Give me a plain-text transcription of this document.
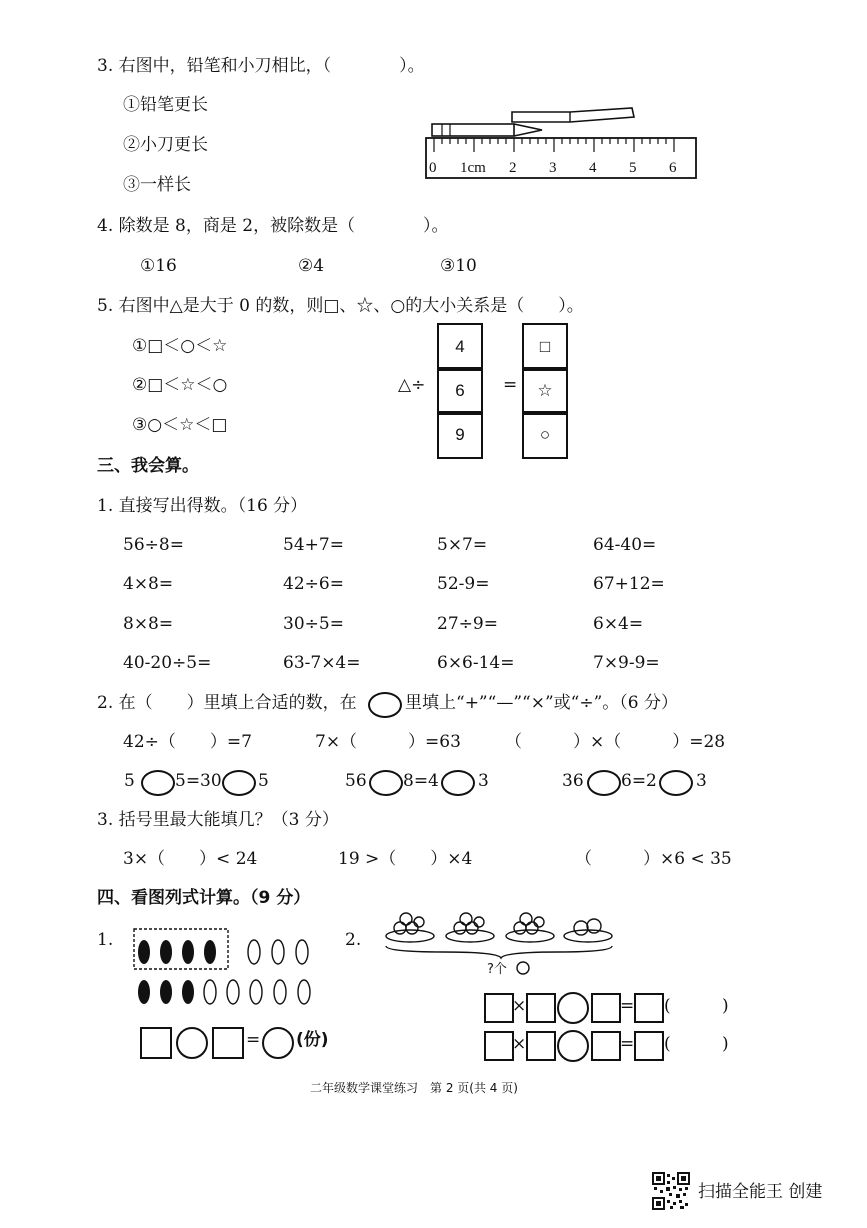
3. 右图中，铅笔和小刀相比，（　　　　）。
①铅笔更长
②小刀更长
③一样长
0 1cm 2 3 4 5 6
4. 除数是 8，商是 2，被除数是（　　　　）。
①16	②4	③10
5. 右图中△是大于 0 的数，则□、☆、○的大小关系是（　　）。
①□＜○＜☆
②□＜☆＜○
③○＜☆＜□
△÷
4
6
9
=
□
☆
○
三、我会算。
1. 直接写出得数。（16 分）
56÷8=	54+7=	5×7=	64-40=
4×8=	42÷6=	52-9=	67+12=
8×8=	30÷5=	27÷9=	6×4=
40-20÷5=	63-7×4=	6×6-14=	7×9-9=
2. 在（　　）里填上合适的数，在	里填上“+”“—”“×”或“÷”。（6 分）
42÷（　　）=7	7×（　　　）=63	（　　　）×（　　　）=28
5 5=30 5	56 8=4 3	36 6=2 3
3. 括号里最大能填几？（3 分）
3×（　　）< 24	19 >（　　）×4	（　　　）×6 < 35
四、看图列式计算。（9 分）
1.
= (份)
2.
?个
×	= (	)
×	= (	)
二年级数学课堂练习　第 2 页(共 4 页)
扫描全能王 创建
